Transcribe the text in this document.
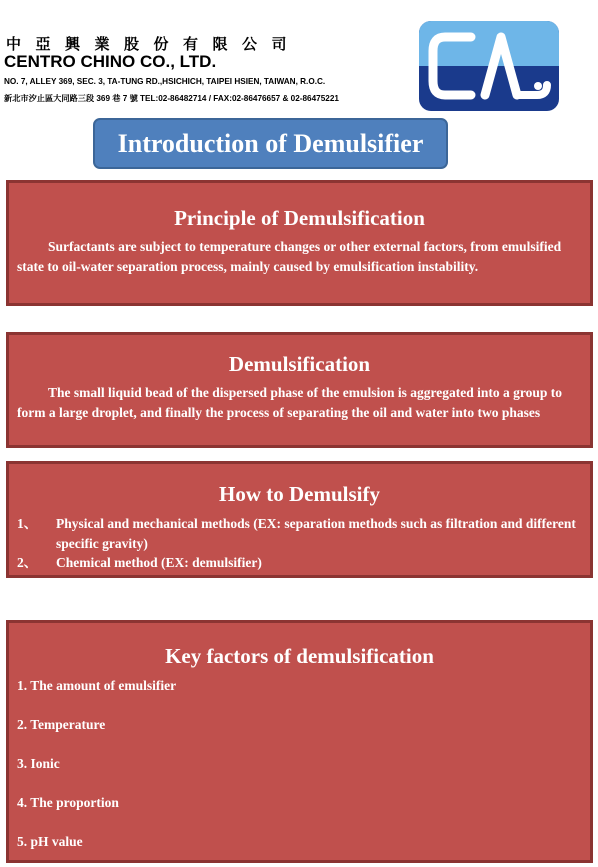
中亞興業股份有限公司
CENTRO CHINO CO., LTD.
NO. 7, ALLEY 369, SEC. 3, TA-TUNG RD.,HSICHICH, TAIPEI HSIEN, TAIWAN, R.O.C.
新北市汐止區大同路三段 369 巷 7 號 TEL:02-86482714 / FAX:02-86476657 & 02-86475221
Introduction of Demulsifier
Principle of Demulsification

Surfactants are subject to temperature changes or other external factors, from emulsified state to oil-water separation process, mainly caused by emulsification instability.

Demulsification

The small liquid bead of the dispersed phase of the emulsion is aggregated into a group to form a large droplet, and finally the process of separating the oil and water into two phases

How to Demulsify
1、 Physical and mechanical methods (EX: separation methods such as filtration and different specific gravity)
2、 Chemical method (EX: demulsifier)
Key factors of demulsification
1. The amount of emulsifier
2. Temperature
3. Ionic
4. The proportion
5. pH value
